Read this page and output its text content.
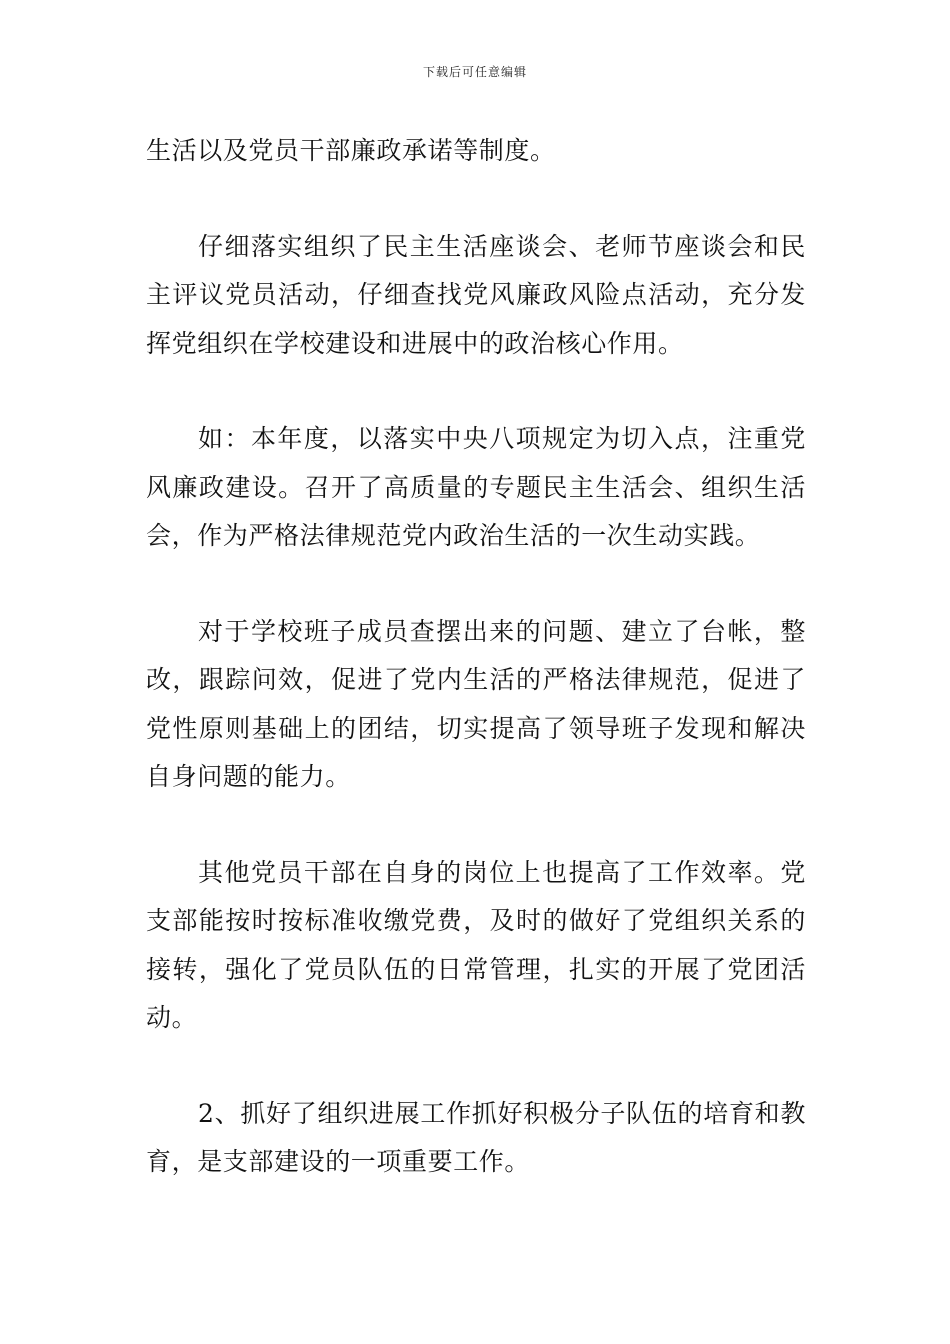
下载后可任意编辑

生活以及党员干部廉政承诺等制度。

仔细落实组织了民主生活座谈会、老师节座谈会和民主评议党员活动，仔细查找党风廉政风险点活动，充分发挥党组织在学校建设和进展中的政治核心作用。

如：本年度，以落实中央八项规定为切入点，注重党风廉政建设。召开了高质量的专题民主生活会、组织生活会，作为严格法律规范党内政治生活的一次生动实践。

对于学校班子成员查摆出来的问题、建立了台帐，整改，跟踪问效，促进了党内生活的严格法律规范，促进了党性原则基础上的团结，切实提高了领导班子发现和解决自身问题的能力。

其他党员干部在自身的岗位上也提高了工作效率。党支部能按时按标准收缴党费，及时的做好了党组织关系的接转，强化了党员队伍的日常管理，扎实的开展了党团活动。

2、抓好了组织进展工作抓好积极分子队伍的培育和教育，是支部建设的一项重要工作。
